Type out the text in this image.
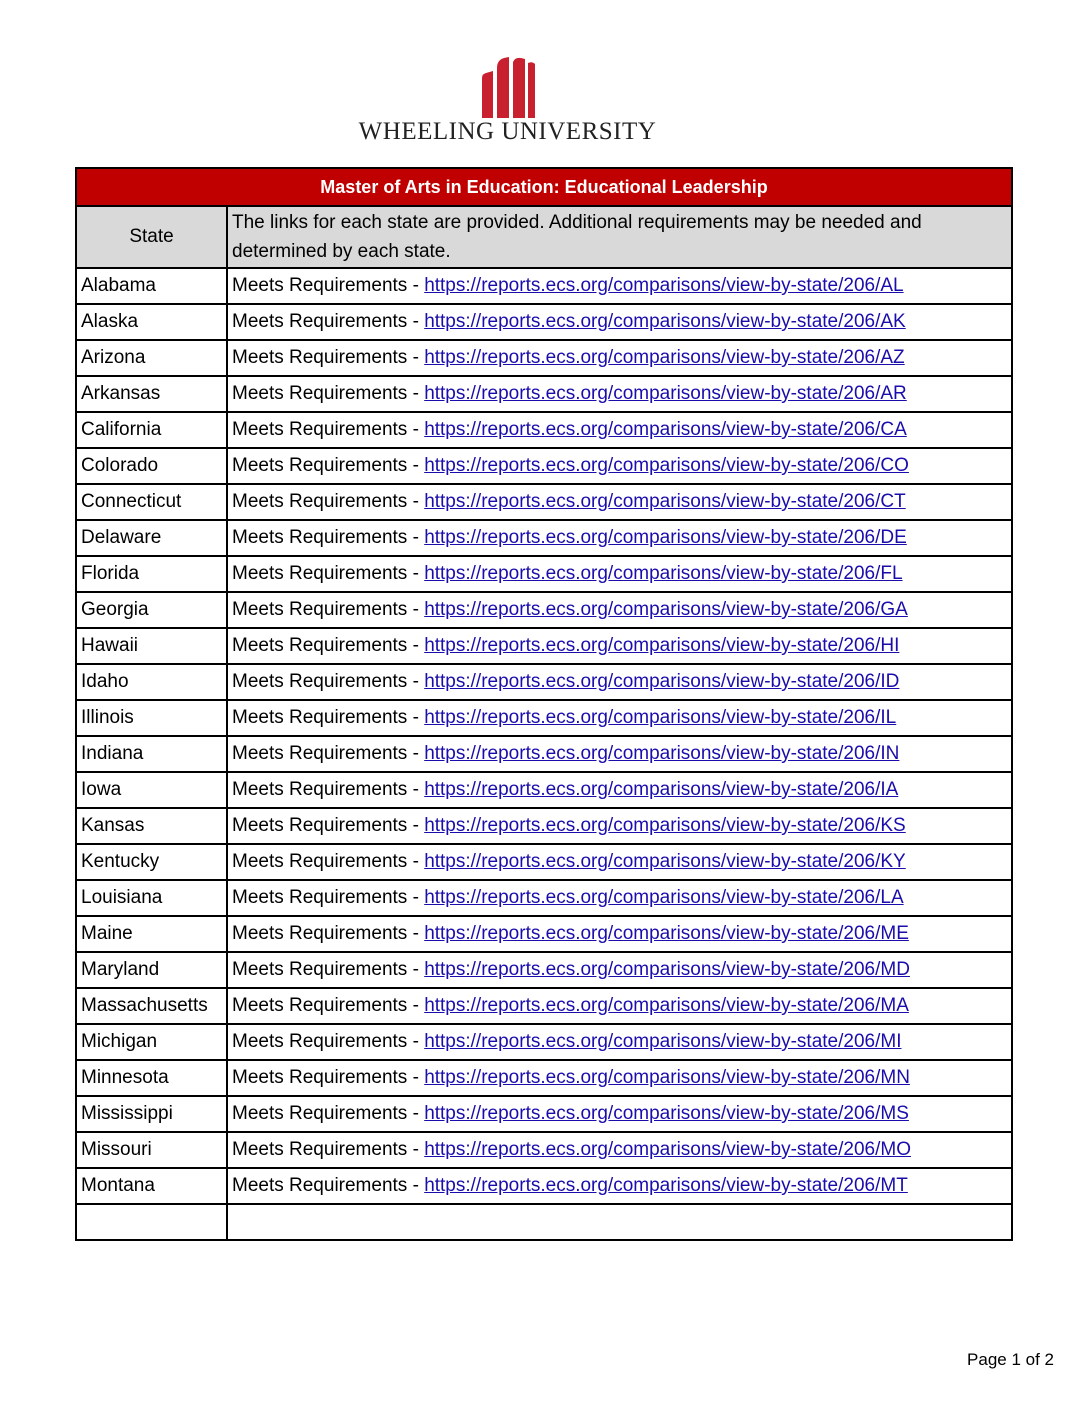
WHEELING UNIVERSITY
Master of Arts in Education: Educational Leadership	
State	The links for each state are provided. Additional requirements may be needed and determined by each state.
Alabama	Meets Requirements - https://reports.ecs.org/comparisons/view-by-state/206/AL
Alaska	Meets Requirements - https://reports.ecs.org/comparisons/view-by-state/206/AK
Arizona	Meets Requirements - https://reports.ecs.org/comparisons/view-by-state/206/AZ
Arkansas	Meets Requirements - https://reports.ecs.org/comparisons/view-by-state/206/AR
California	Meets Requirements - https://reports.ecs.org/comparisons/view-by-state/206/CA
Colorado	Meets Requirements - https://reports.ecs.org/comparisons/view-by-state/206/CO
Connecticut	Meets Requirements - https://reports.ecs.org/comparisons/view-by-state/206/CT
Delaware	Meets Requirements - https://reports.ecs.org/comparisons/view-by-state/206/DE
Florida	Meets Requirements - https://reports.ecs.org/comparisons/view-by-state/206/FL
Georgia	Meets Requirements - https://reports.ecs.org/comparisons/view-by-state/206/GA
Hawaii	Meets Requirements - https://reports.ecs.org/comparisons/view-by-state/206/HI
Idaho	Meets Requirements - https://reports.ecs.org/comparisons/view-by-state/206/ID
Illinois	Meets Requirements - https://reports.ecs.org/comparisons/view-by-state/206/IL
Indiana	Meets Requirements - https://reports.ecs.org/comparisons/view-by-state/206/IN
Iowa	Meets Requirements - https://reports.ecs.org/comparisons/view-by-state/206/IA
Kansas	Meets Requirements - https://reports.ecs.org/comparisons/view-by-state/206/KS
Kentucky	Meets Requirements - https://reports.ecs.org/comparisons/view-by-state/206/KY
Louisiana	Meets Requirements - https://reports.ecs.org/comparisons/view-by-state/206/LA
Maine	Meets Requirements - https://reports.ecs.org/comparisons/view-by-state/206/ME
Maryland	Meets Requirements - https://reports.ecs.org/comparisons/view-by-state/206/MD
Massachusetts	Meets Requirements - https://reports.ecs.org/comparisons/view-by-state/206/MA
Michigan	Meets Requirements - https://reports.ecs.org/comparisons/view-by-state/206/MI
Minnesota	Meets Requirements - https://reports.ecs.org/comparisons/view-by-state/206/MN
Mississippi	Meets Requirements - https://reports.ecs.org/comparisons/view-by-state/206/MS
Missouri	Meets Requirements - https://reports.ecs.org/comparisons/view-by-state/206/MO
Montana	Meets Requirements - https://reports.ecs.org/comparisons/view-by-state/206/MT

Page 1 of 2
